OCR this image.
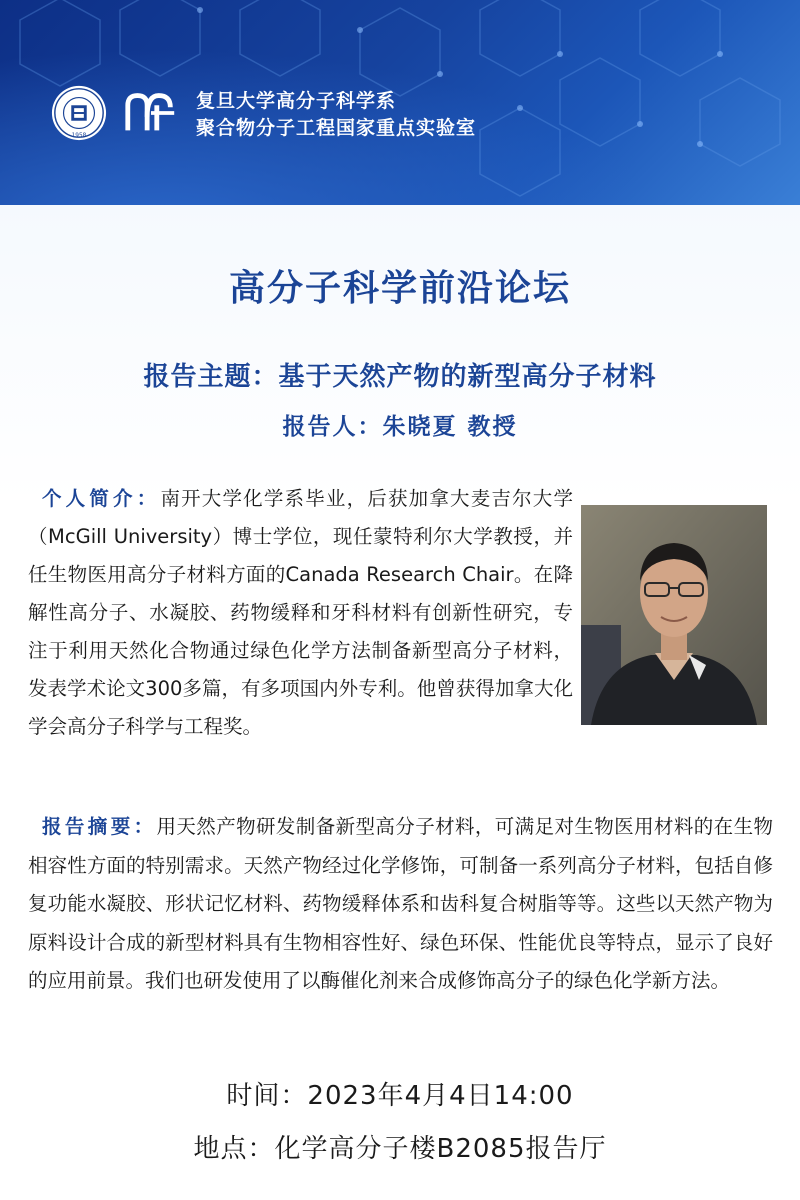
1958
复旦大学高分子科学系
聚合物分子工程国家重点实验室
高分子科学前沿论坛
报告主题：基于天然产物的新型高分子材料
报告人：朱晓夏 教授
个人简介：南开大学化学系毕业，后获加拿大麦吉尔大学（McGill University）博士学位，现任蒙特利尔大学教授，并任生物医用高分子材料方面的Canada Research Chair。在降解性高分子、水凝胶、药物缓释和牙科材料有创新性研究，专注于利用天然化合物通过绿色化学方法制备新型高分子材料，发表学术论文300多篇，有多项国内外专利。他曾获得加拿大化学会高分子科学与工程奖。
报告摘要：用天然产物研发制备新型高分子材料，可满足对生物医用材料的在生物相容性方面的特别需求。天然产物经过化学修饰，可制备一系列高分子材料，包括自修复功能水凝胶、形状记忆材料、药物缓释体系和齿科复合树脂等等。这些以天然产物为原料设计合成的新型材料具有生物相容性好、绿色环保、性能优良等特点，显示了良好的应用前景。我们也研发使用了以酶催化剂来合成修饰高分子的绿色化学新方法。
时间：2023年4月4日14:00
地点：化学高分子楼B2085报告厅
